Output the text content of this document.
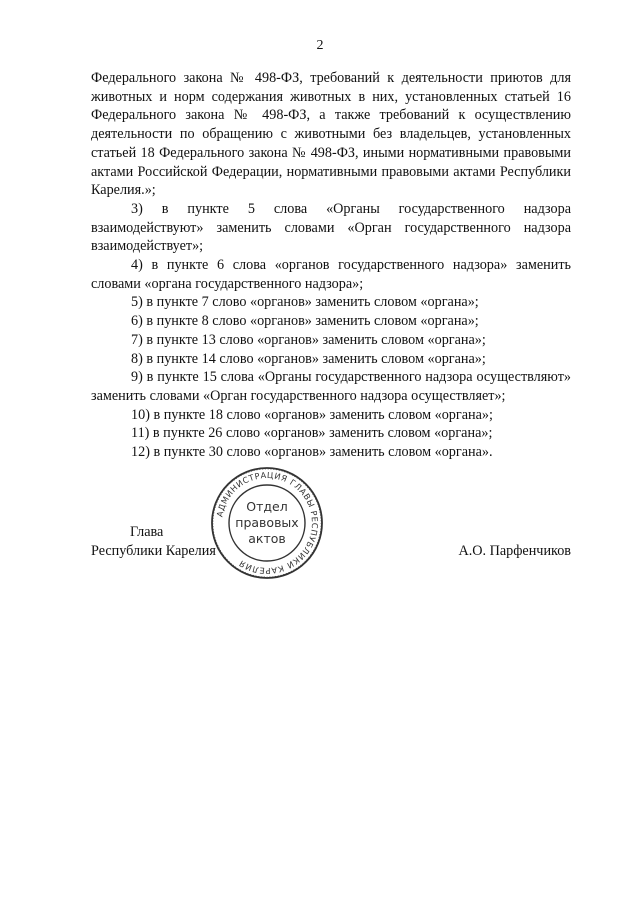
2

Федерального закона № 498-ФЗ, требований к деятельности приютов для животных и норм содержания животных в них, установленных статьей 16 Федерального закона № 498-ФЗ, а также требований к осуществлению деятельности по обращению с животными без владельцев, установленных статьей 18 Федерального закона № 498-ФЗ, иными нормативными правовыми актами Российской Федерации, нормативными правовыми актами Республики Карелия.»;

3) в пункте 5 слова «Органы государственного надзора взаимодействуют» заменить словами «Орган государственного надзора взаимодействует»;

4) в пункте 6 слова «органов государственного надзора» заменить словами «органа государственного надзора»;

5) в пункте 7 слово «органов» заменить словом «органа»;

6) в пункте 8 слово «органов» заменить словом «органа»;

7) в пункте 13 слово «органов» заменить словом «органа»;

8) в пункте 14 слово «органов» заменить словом «органа»;

9) в пункте 15 слова «Органы государственного надзора осуществляют» заменить словами «Орган государственного надзора осуществляет»;

10) в пункте 18 слово «органов» заменить словом «органа»;

11) в пункте 26 слово «органов» заменить словом «органа»;

12) в пункте 30 слово «органов» заменить словом «органа».

Глава
Республики Карелия	А.О. Парфенчиков
АДМИНИСТРАЦИЯ ГЛАВЫ РЕСПУБЛИКИ КАРЕЛИЯ
Отдел
правовых
актов
